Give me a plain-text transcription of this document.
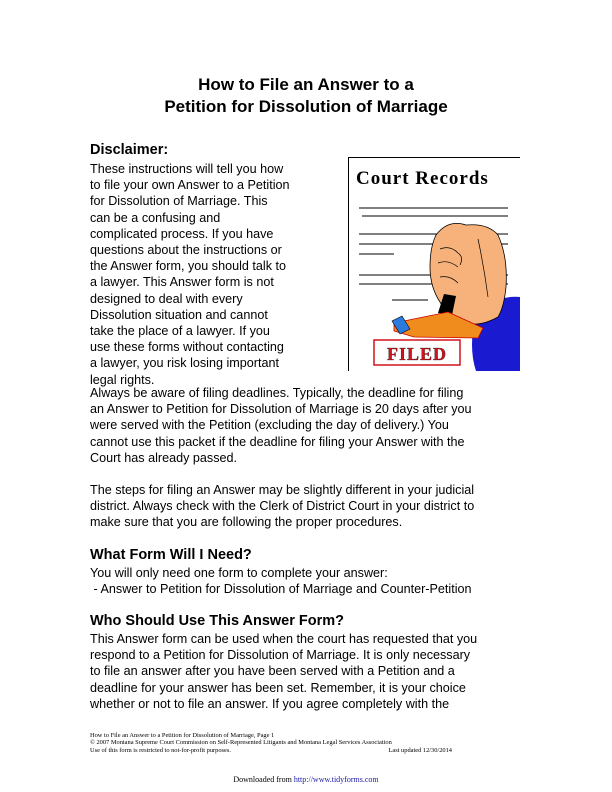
How to File an Answer to a
Petition for Dissolution of Marriage
Disclaimer:
These instructions will tell you how
to file your own Answer to a Petition
for Dissolution of Marriage. This
can be a confusing and
complicated process. If you have
questions about the instructions or
the Answer form, you should talk to
a lawyer. This Answer form is not
designed to deal with every
Dissolution situation and cannot
take the place of a lawyer. If you
use these forms without contacting
a lawyer, you risk losing important
legal rights.
Court Records
FILED
Always be aware of filing deadlines. Typically, the deadline for filing
an Answer to Petition for Dissolution of Marriage is 20 days after you
were served with the Petition (excluding the day of delivery.) You
cannot use this packet if the deadline for filing your Answer with the
Court has already passed.
The steps for filing an Answer may be slightly different in your judicial
district. Always check with the Clerk of District Court in your district to
make sure that you are following the proper procedures.
What Form Will I Need?
You will only need one form to complete your answer:
- Answer to Petition for Dissolution of Marriage and Counter-Petition
Who Should Use This Answer Form?
This Answer form can be used when the court has requested that you
respond to a Petition for Dissolution of Marriage. It is only necessary
to file an answer after you have been served with a Petition and a
deadline for your answer has been set. Remember, it is your choice
whether or not to file an answer. If you agree completely with the
How to File an Answer to a Petition for Dissolution of Marriage, Page 1
© 2007 Montana Supreme Court Commission on Self-Represented Litigants and Montana Legal Services Association
Use of this form is restricted to not-for-profit purposes.	Last updated 12/30/2014
Downloaded from http://www.tidyforms.com
